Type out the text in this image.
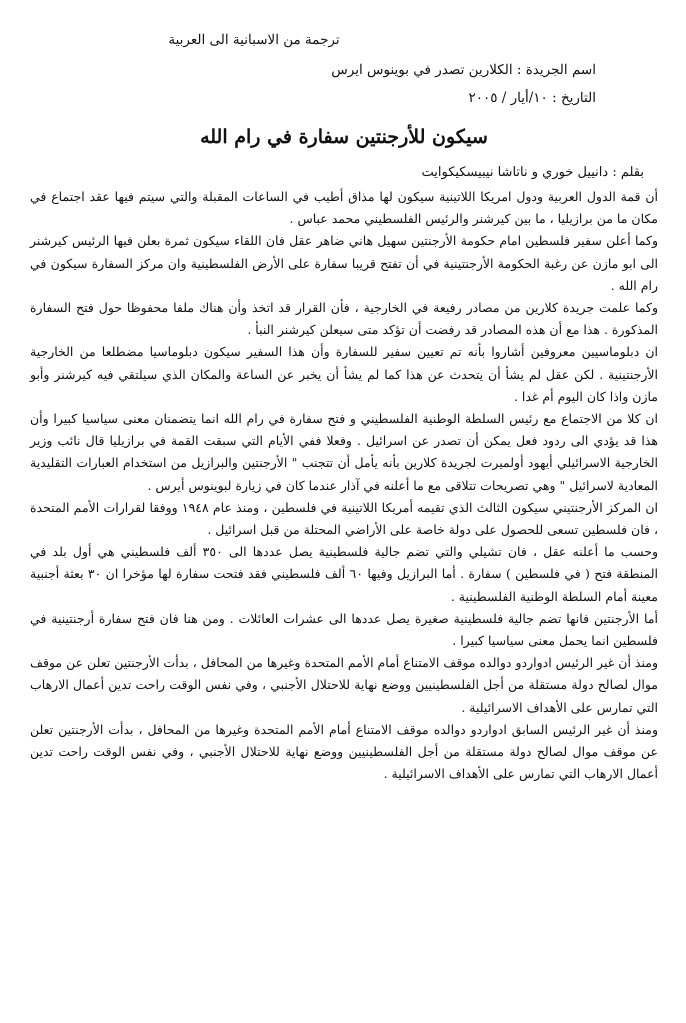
ترجمة من الاسبانية الى العربية
اسم الجريدة : الكلارين تصدر في بوينوس ايرس
التاريخ : ١٠/أيار / ٢٠٠٥
سيكون للأرجنتين سفارة في رام الله
بقلم : دانييل خوري و ناتاشا نيبيسكيكوايت

أن قمة الدول العربية ودول امريكا اللاتينية سيكون لها مذاق أطيب في الساعات المقبلة والتي سيتم فيها عقد اجتماع في مكان ما من برازيليا ، ما بين كيرشنر والرئيس الفلسطيني محمد عباس .

وكما أعلن سفير فلسطين امام حكومة الأرجنتين سهيل هاني ضاهر عقل فان اللقاء سيكون ثمرة بعلن فيها الرئيس كيرشنر الى ابو مازن عن رغبة الحكومة الأرجنتينية في أن تفتح قريبا سفارة على الأرض الفلسطينية وان مركز السفارة سيكون في رام الله .

وكما علمت جريدة كلارين من مصادر رفيعة في الخارجية ، فأن القرار قد اتخذ وأن هناك ملفا محفوظا حول فتح السفارة المذكورة . هذا مع أن هذه المصادر قد رفضت أن تؤكد متى سيعلن كيرشنر النبأ .

ان دبلوماسيين معروفين أشاروا بأنه تم تعيين سفير للسفارة وأن هذا السفير سيكون دبلوماسيا مضطلعا من الخارجية الأرجنتينية . لكن عقل لم يشأ أن يتحدث عن هذا كما لم يشأ أن يخبر عن الساعة والمكان الذي سيلتقي فيه كيرشنر وأبو مازن واذا كان اليوم أم غدا .

ان كلا من الاجتماع مع رئيس السلطة الوطنية الفلسطيني و فتح سفارة في رام الله انما يتضمنان معنى سياسيا كبيرا وأن هذا قد يؤدي الى ردود فعل يمكن أن تصدر عن اسرائيل . وفعلا ففي الأيام التي سبقت القمة في برازيليا قال نائب وزير الخارجية الاسرائيلي أيهود أولميرت لجريدة كلارين بأنه يأمل أن تتجنب " الأرجنتين والبرازيل من استخدام العبارات التقليدية المعادية لاسرائيل " وهي تصريحات تتلاقى مع ما أعلنه في آذار عندما كان في زيارة لبوينوس أيرس .

ان المركز الأرجنتيني سيكون الثالث الذي تقيمه أمريكا اللاتينية في فلسطين ، ومنذ عام ١٩٤٨ ووفقا لقرارات الأمم المتحدة ، فان فلسطين تسعى للحصول على دولة خاصة على الأراضي المحتلة من قبل اسرائيل .

وحسب ما أعلنه عقل ، فان تشيلي والتي تضم جالية فلسطينية يصل عددها الى ٣٥٠ ألف فلسطيني هي أول بلد في المنطقة فتح ( في فلسطين ) سفارة . أما البرازيل وفيها ٦٠ ألف فلسطيني فقد فتحت سفارة لها مؤخرا ان ٣٠ بعثة أجنبية معينة أمام السلطة الوطنية الفلسطينية .

أما الأرجنتين فانها تضم جالية فلسطينية صغيرة يصل عددها الى عشرات العائلات . ومن هنا فان فتح سفارة أرجنتينية في فلسطين انما يحمل معنى سياسيا كبيرا .

ومنذ أن غير الرئيس ادواردو دوالده موقف الامتناع أمام الأمم المتحدة وغيرها من المحافل ، بدأت الأرجنتين تعلن عن موقف موال لصالح دولة مستقلة من أجل الفلسطينيين ووضع نهاية للاحتلال الأجنبي ، وفي نفس الوقت راحت تدين أعمال الارهاب التي تمارس على الأهداف الاسرائيلية .

ومنذ أن غير الرئيس السابق ادواردو دوالده موقف الامتناع أمام الأمم المتحدة وغيرها من المحافل ، بدأت الأرجنتين تعلن عن موقف موال لصالح دولة مستقلة من أجل الفلسطينيين ووضع نهاية للاحتلال الأجنبي ، وفي نفس الوقت راحت تدين أعمال الارهاب التي تمارس على الأهداف الاسرائيلية .
